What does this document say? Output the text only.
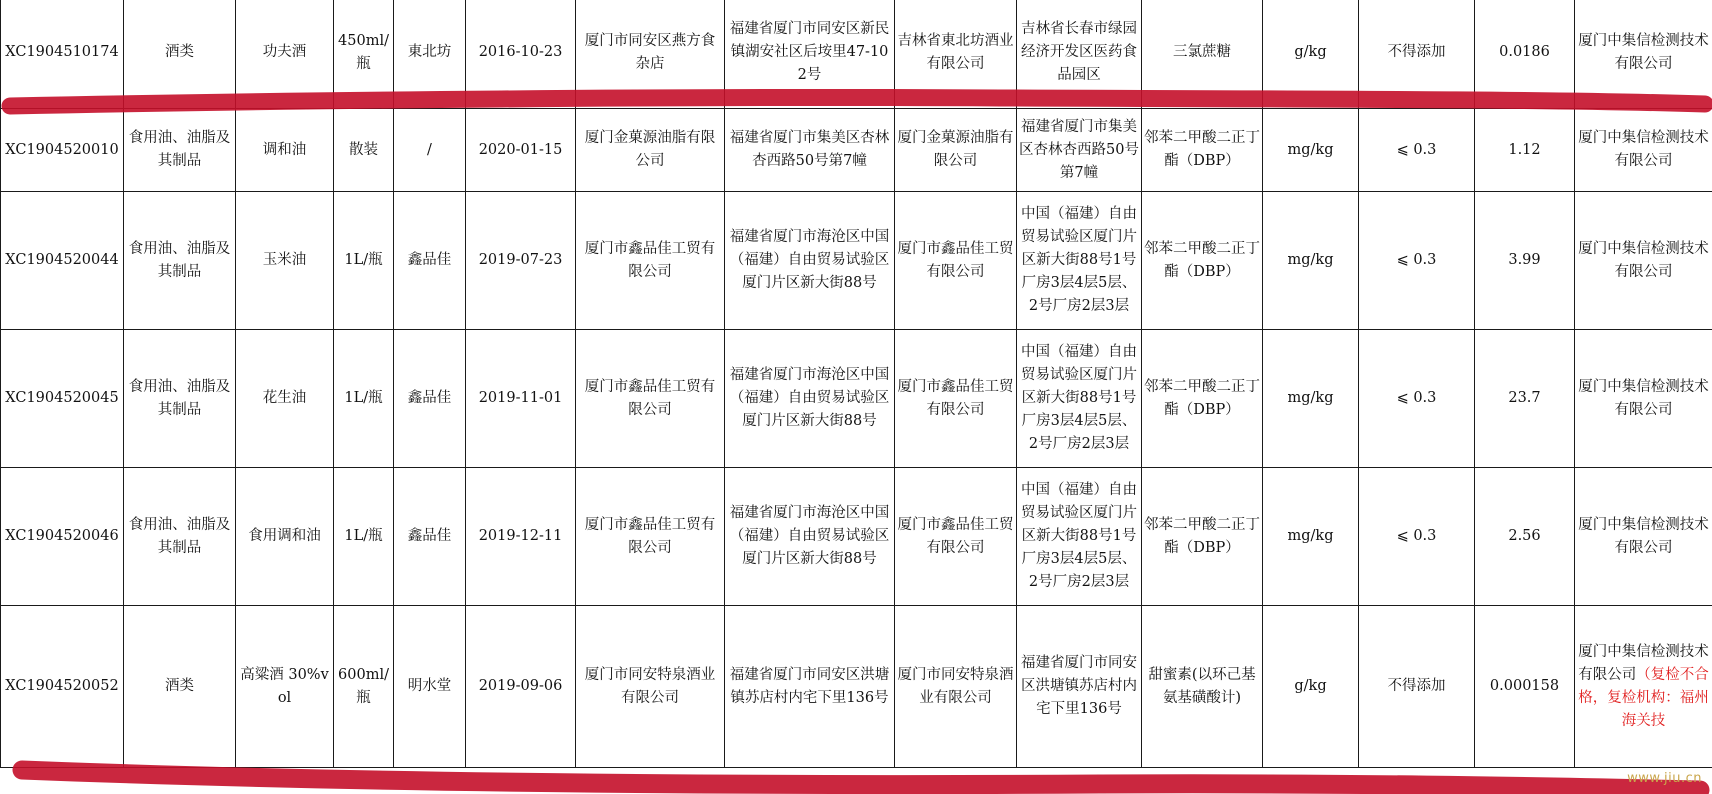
XC1904510174	酒类	功夫酒	450ml/瓶	東北坊	2016-10-23	厦门市同安区燕方食杂店	福建省厦门市同安区新民镇湖安社区后垵里47-102号	吉林省東北坊酒业有限公司	吉林省长春市绿园经济开发区医药食品园区	三氯蔗糖	g/kg	不得添加	0.0186	厦门中集信检测技术有限公司
XC1904520010	食用油、油脂及其制品	调和油	散装	/	2020-01-15	厦门金菓源油脂有限公司	福建省厦门市集美区杏林杏西路50号第7幢	厦门金菓源油脂有限公司	福建省厦门市集美区杏林杏西路50号第7幢	邻苯二甲酸二正丁酯（DBP）	mg/kg	⩽ 0.3	1.12	厦门中集信检测技术有限公司
XC1904520044	食用油、油脂及其制品	玉米油	1L/瓶	鑫品佳	2019-07-23	厦门市鑫品佳工贸有限公司	福建省厦门市海沧区中国（福建）自由贸易试验区厦门片区新大街88号	厦门市鑫品佳工贸有限公司	中国（福建）自由贸易试验区厦门片区新大街88号1号厂房3层4层5层、2号厂房2层3层	邻苯二甲酸二正丁酯（DBP）	mg/kg	⩽ 0.3	3.99	厦门中集信检测技术有限公司
XC1904520045	食用油、油脂及其制品	花生油	1L/瓶	鑫品佳	2019-11-01	厦门市鑫品佳工贸有限公司	福建省厦门市海沧区中国（福建）自由贸易试验区厦门片区新大街88号	厦门市鑫品佳工贸有限公司	中国（福建）自由贸易试验区厦门片区新大街88号1号厂房3层4层5层、2号厂房2层3层	邻苯二甲酸二正丁酯（DBP）	mg/kg	⩽ 0.3	23.7	厦门中集信检测技术有限公司
XC1904520046	食用油、油脂及其制品	食用调和油	1L/瓶	鑫品佳	2019-12-11	厦门市鑫品佳工贸有限公司	福建省厦门市海沧区中国（福建）自由贸易试验区厦门片区新大街88号	厦门市鑫品佳工贸有限公司	中国（福建）自由贸易试验区厦门片区新大街88号1号厂房3层4层5层、2号厂房2层3层	邻苯二甲酸二正丁酯（DBP）	mg/kg	⩽ 0.3	2.56	厦门中集信检测技术有限公司
XC1904520052	酒类	高粱酒 30%vol	600ml/瓶	明水堂	2019-09-06	厦门市同安特泉酒业有限公司	福建省厦门市同安区洪塘镇苏店村内宅下里136号	厦门市同安特泉酒业有限公司	福建省厦门市同安区洪塘镇苏店村内宅下里136号	甜蜜素(以环己基氨基磺酸计)	g/kg	不得添加	0.000158	厦门中集信检测技术有限公司（复检不合格，复检机构：福州海关技
www.jiu.cn
